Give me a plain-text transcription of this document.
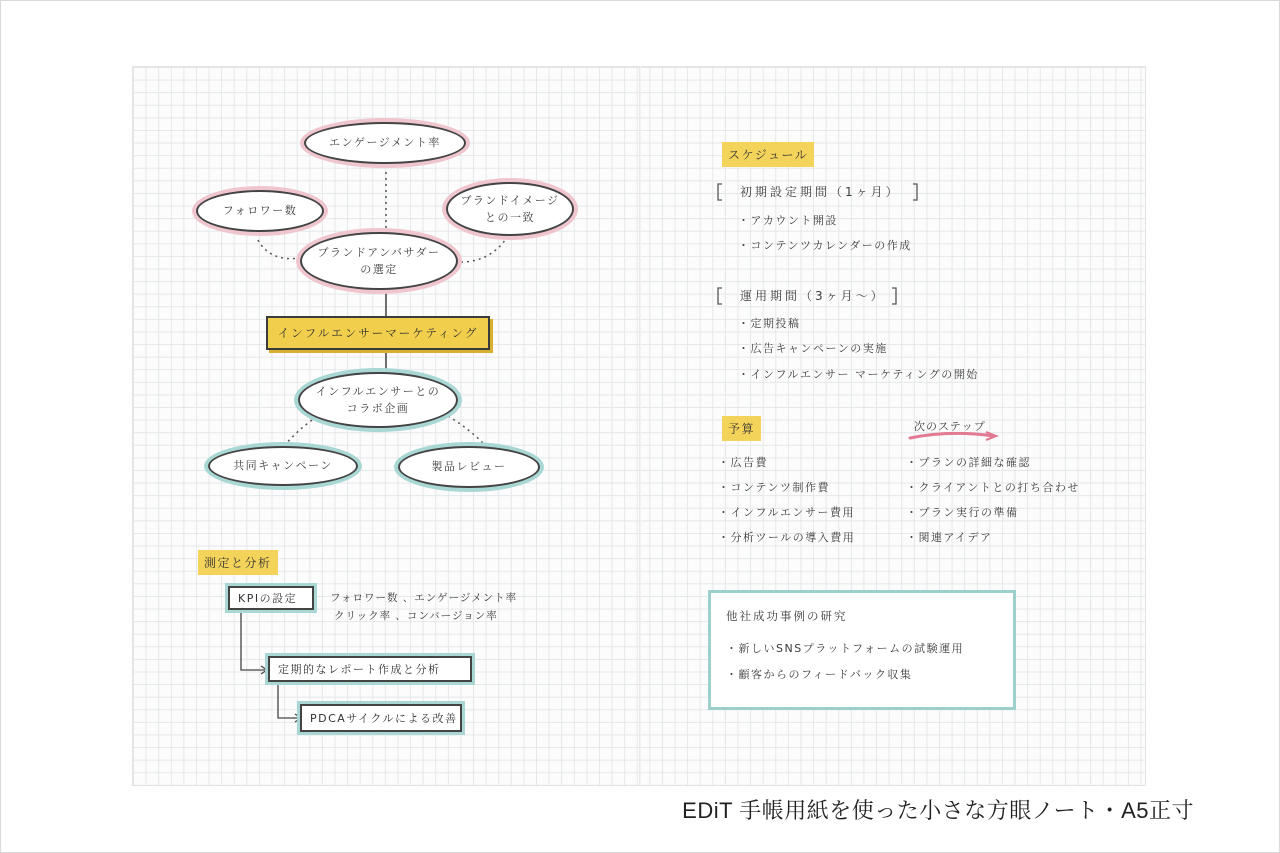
エンゲージメント率
フォロワー数
ブランドイメージ
との一致
ブランドアンバサダー
の選定
インフルエンサーマーケティング
インフルエンサーとの
コラボ企画
共同キャンペーン	製品レビュー
測定と分析
KPIの設定	フォロワー数 、エンゲージメント率
クリック率 、コンバージョン率
定期的なレポート作成と分析
PDCAサイクルによる改善
スケジュール
初期設定期間（1ヶ月）
・アカウント開設
・コンテンツカレンダーの作成
運用期間（3ヶ月〜）
・定期投稿
・広告キャンペーンの実施
・インフルエンサー マーケティングの開始
予算
・広告費
・コンテンツ制作費
・インフルエンサー費用
・分析ツールの導入費用
次のステップ
・プランの詳細な確認
・クライアントとの打ち合わせ
・プラン実行の準備
・関連アイデア
他社成功事例の研究
・新しいSNSプラットフォームの試験運用
・顧客からのフィードバック収集
EDiT 手帳用紙を使った小さな方眼ノート・A5正寸
